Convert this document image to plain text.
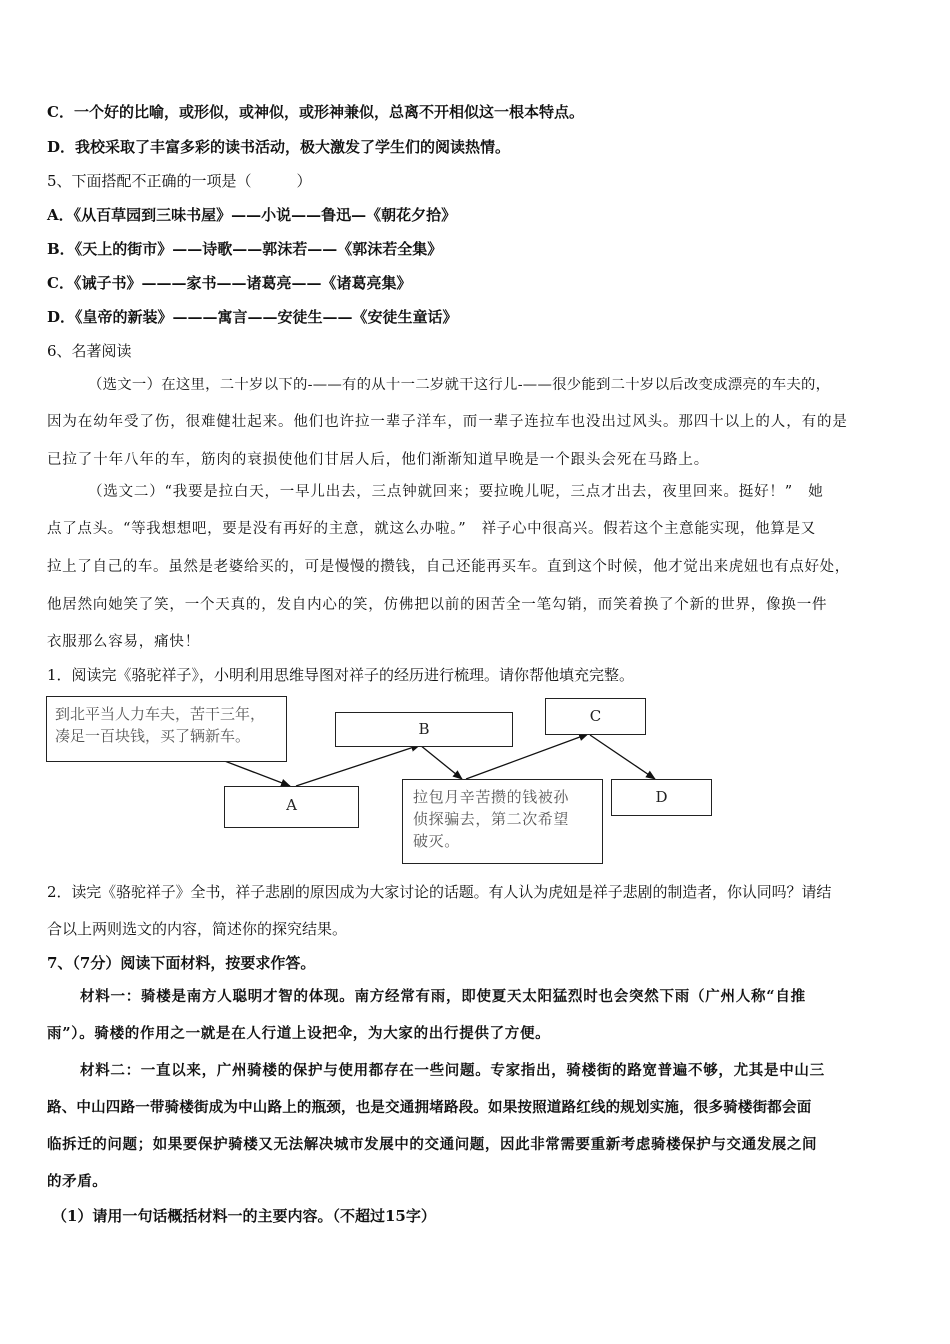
C．一个好的比喻，或形似，或神似，或形神兼似，总离不开相似这一根本特点。
D．我校采取了丰富多彩的读书活动，极大激发了学生们的阅读热情。
5、下面搭配不正确的一项是（　　　）
A．《从百草园到三味书屋》——小说——鲁迅—《朝花夕拾》
B．《天上的街市》——诗歌——郭沫若——《郭沫若全集》
C．《诫子书》———家书——诸葛亮——《诸葛亮集》
D．《皇帝的新装》———寓言——安徒生——《安徒生童话》
6、名著阅读
（选文一）在这里，二十岁以下的-——有的从十一二岁就干这行儿-——很少能到二十岁以后改变成漂亮的车夫的，
因为在幼年受了伤，很难健壮起来。他们也许拉一辈子洋车，而一辈子连拉车也没出过风头。那四十以上的人，有的是
已拉了十年八年的车，筋肉的衰损使他们甘居人后，他们渐渐知道早晚是一个跟头会死在马路上。
（选文二）“我要是拉白天，一早儿出去，三点钟就回来；要拉晚儿呢，三点才出去，夜里回来。挺好！”　她
点了点头。“等我想想吧，要是没有再好的主意，就这么办啦。”　祥子心中很高兴。假若这个主意能实现，他算是又
拉上了自己的车。虽然是老婆给买的，可是慢慢的攒钱，自己还能再买车。直到这个时候，他才觉出来虎妞也有点好处，
他居然向她笑了笑，一个天真的，发自内心的笑，仿佛把以前的困苦全一笔勾销，而笑着换了个新的世界，像换一件
衣服那么容易，痛快！
1．阅读完《骆驼祥子》，小明利用思维导图对祥子的经历进行梳理。请你帮他填充完整。
到北平当人力车夫，苦干三年，
凑足一百块钱，买了辆新车。	B
C
A	拉包月辛苦攒的钱被孙
侦探骗去，第二次希望
破灭。
D
2．读完《骆驼祥子》全书，祥子悲剧的原因成为大家讨论的话题。有人认为虎妞是祥子悲剧的制造者，你认同吗？请结
合以上两则选文的内容，简述你的探究结果。
7、（7分）阅读下面材料，按要求作答。
材料一：骑楼是南方人聪明才智的体现。南方经常有雨，即使夏天太阳猛烈时也会突然下雨（广州人称“自推
雨”）。骑楼的作用之一就是在人行道上设把伞，为大家的出行提供了方便。
材料二：一直以来，广州骑楼的保护与使用都存在一些问题。专家指出，骑楼街的路宽普遍不够，尤其是中山三
路、中山四路一带骑楼街成为中山路上的瓶颈，也是交通拥堵路段。如果按照道路红线的规划实施，很多骑楼街都会面
临拆迁的问题；如果要保护骑楼又无法解决城市发展中的交通问题，因此非常需要重新考虑骑楼保护与交通发展之间
的矛盾。
（1）请用一句话概括材料一的主要内容。（不超过15字）
